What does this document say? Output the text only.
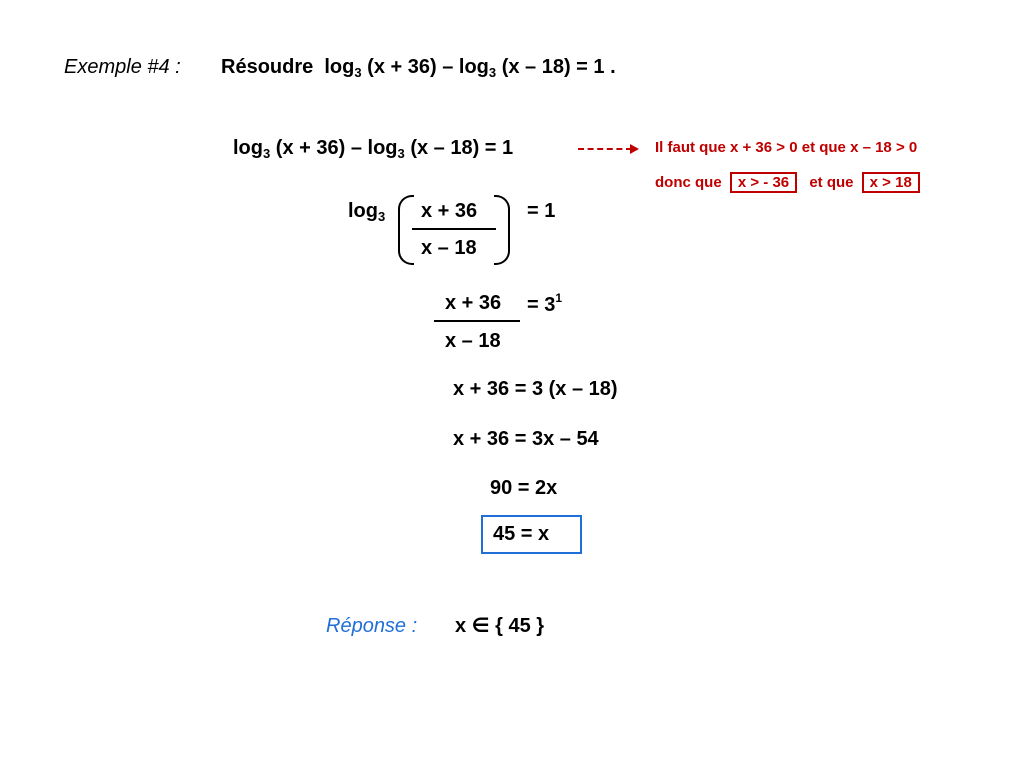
Exemple #4 : Résoudre $\log_3 (x + 36) - \log_3 (x - 18) = 1$ .
$\log_3 (x + 36) - \log_3 (x - 18) = 1$	Il faut que x + 36 > 0 et que x – 18 > 0
donc que x > - 36 et que x > 18
$\log_3 x + 36$
x – 18
= 1
x + 36
x – 18
= $3^1$
x + 36 = 3 (x – 18)
x + 36 = 3x – 54
90 = 2x
45 = x
Réponse : x ∈ { 45 }
